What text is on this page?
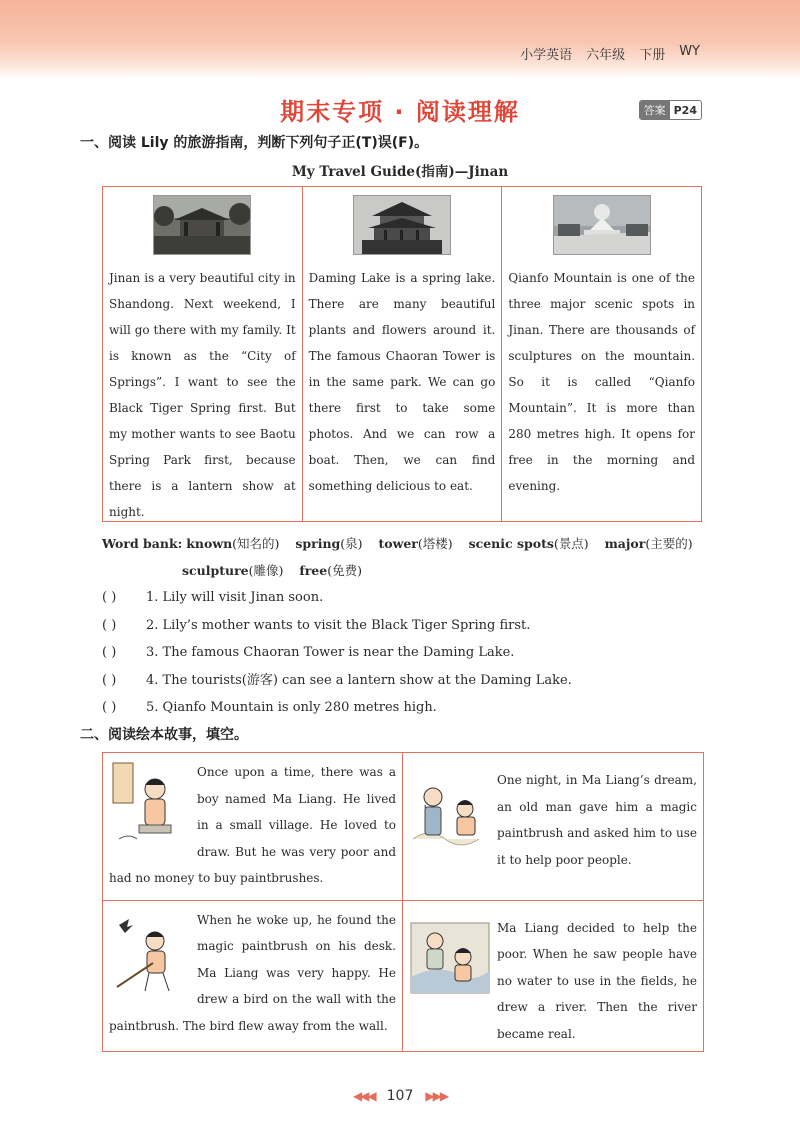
小学英语 六年级 下册 WY
期末专项 · 阅读理解	答案 P24
一、阅读 Lily 的旅游指南，判断下列句子正(T)误(F)。
My Travel Guide(指南)—Jinan
Jinan is a very beautiful city in Shandong. Next weekend, I will go there with my family. It is known as the “City of Springs”. I want to see the Black Tiger Spring first. But my mother wants to see Baotu Spring Park first, because there is a lantern show at night.
Daming Lake is a spring lake. There are many beautiful plants and flowers around it. The famous Chaoran Tower is in the same park. We can go there first to take some photos. And we can row a boat. Then, we can find something delicious to eat.
Qianfo Mountain is one of the three major scenic spots in Jinan. There are thousands of sculptures on the mountain. So it is called “Qianfo Mountain”. It is more than 280 metres high. It opens for free in the morning and evening.
Word bank: known(知名的) spring(泉) tower(塔楼) scenic spots(景点) major(主要的)
sculpture(雕像) free(免费)
( )	1. Lily will visit Jinan soon.
( )	2. Lily’s mother wants to visit the Black Tiger Spring first.
( )	3. The famous Chaoran Tower is near the Daming Lake.
( )	4. The tourists(游客) can see a lantern show at the Daming Lake.
( )	5. Qianfo Mountain is only 280 metres high.
二、阅读绘本故事，填空。
Once upon a time, there was a boy named Ma Liang. He lived in a small village. He loved to draw. But he was very poor and had no money to buy paintbrushes.
One night, in Ma Liang’s dream, an old man gave him a magic paintbrush and asked him to use it to help poor people.
When he woke up, he found the magic paintbrush on his desk. Ma Liang was very happy. He drew a bird on the wall with the paintbrush. The bird flew away from the wall.
Ma Liang decided to help the poor. When he saw people have no water to use in the fields, he drew a river. Then the river became real.
◀◀◀ 107 ▶▶▶
